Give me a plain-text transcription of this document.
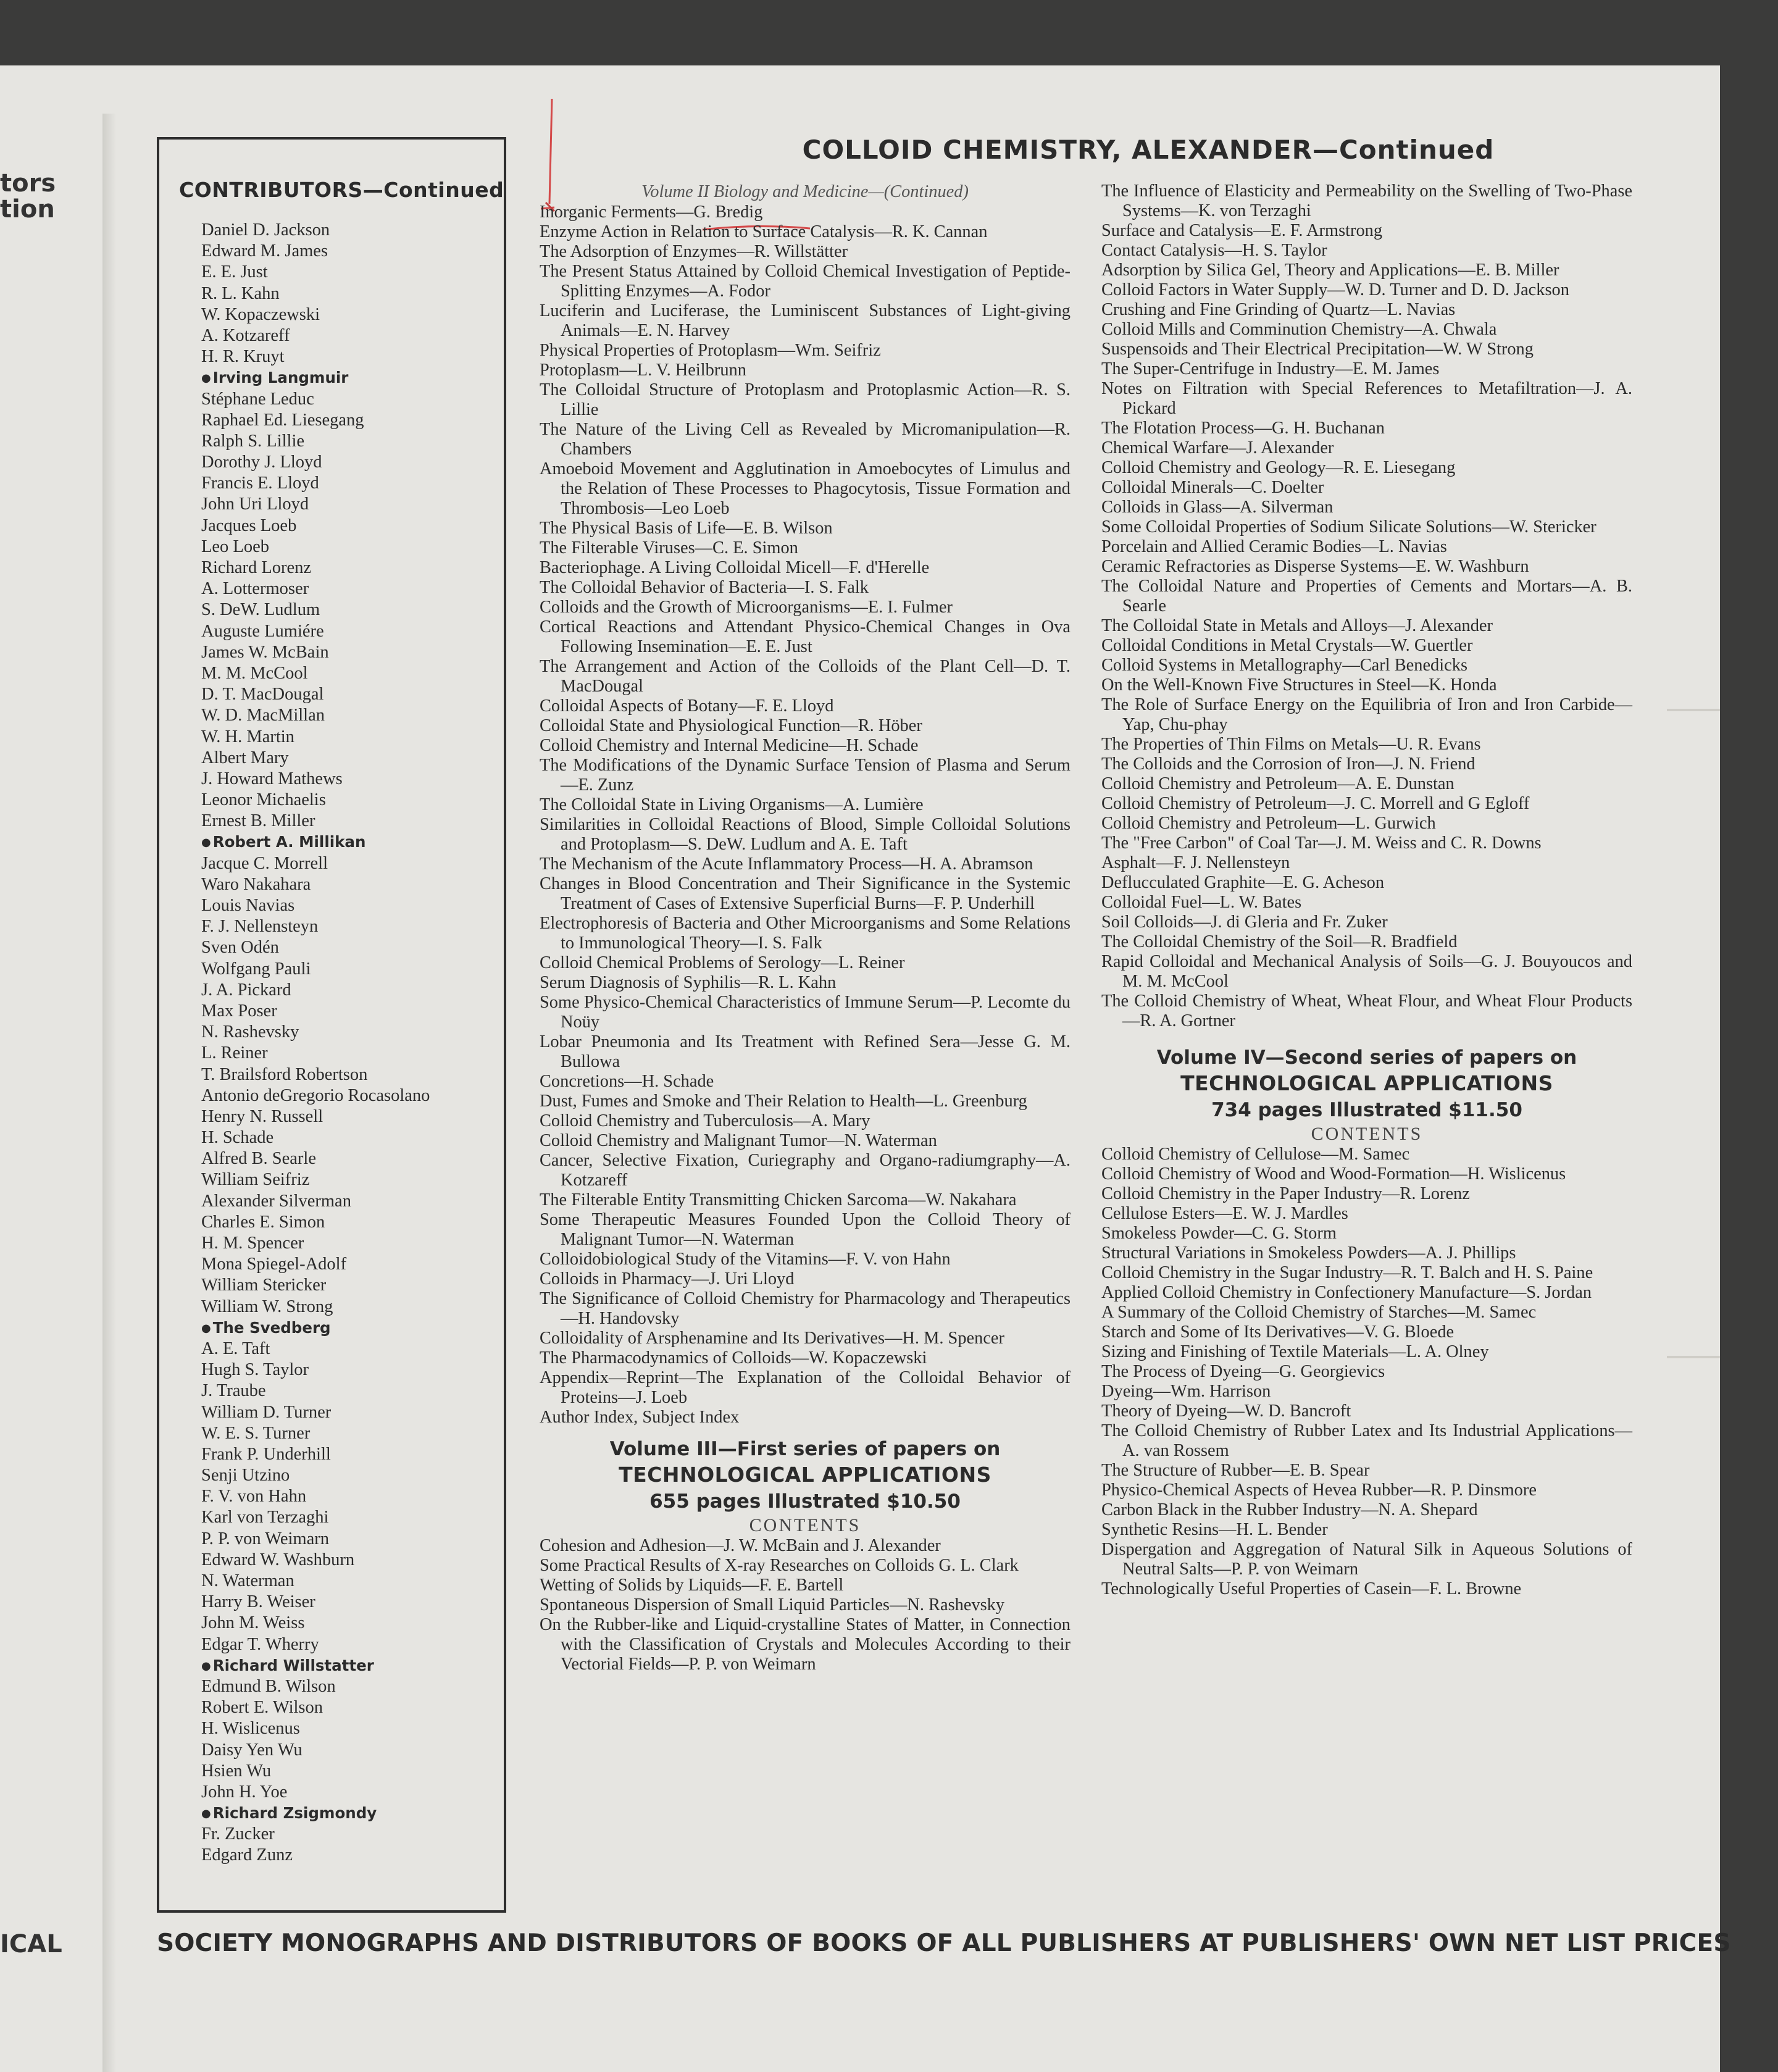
tors
tion
ICAL
CONTRIBUTORS—Continued
Daniel D. Jackson
Edward M. James
E. E. Just
R. L. Kahn
W. Kopaczewski
A. Kotzareff
H. R. Kruyt
● Irving Langmuir
Stéphane Leduc
Raphael Ed. Liesegang
Ralph S. Lillie
Dorothy J. Lloyd
Francis E. Lloyd
John Uri Lloyd
Jacques Loeb
Leo Loeb
Richard Lorenz
A. Lottermoser
S. DeW. Ludlum
Auguste Lumiére
James W. McBain
M. M. McCool
D. T. MacDougal
W. D. MacMillan
W. H. Martin
Albert Mary
J. Howard Mathews
Leonor Michaelis
Ernest B. Miller
● Robert A. Millikan
Jacque C. Morrell
Waro Nakahara
Louis Navias
F. J. Nellensteyn
Sven Odén
Wolfgang Pauli
J. A. Pickard
Max Poser
N. Rashevsky
L. Reiner
T. Brailsford Robertson
Antonio deGregorio Rocasolano
Henry N. Russell
H. Schade
Alfred B. Searle
William Seifriz
Alexander Silverman
Charles E. Simon
H. M. Spencer
Mona Spiegel-Adolf
William Stericker
William W. Strong
● The Svedberg
A. E. Taft
Hugh S. Taylor
J. Traube
William D. Turner
W. E. S. Turner
Frank P. Underhill
Senji Utzino
F. V. von Hahn
Karl von Terzaghi
P. P. von Weimarn
Edward W. Washburn
N. Waterman
Harry B. Weiser
John M. Weiss
Edgar T. Wherry
● Richard Willstatter
Edmund B. Wilson
Robert E. Wilson
H. Wislicenus
Daisy Yen Wu
Hsien Wu
John H. Yoe
● Richard Zsigmondy
Fr. Zucker
Edgard Zunz
COLLOID CHEMISTRY, ALEXANDER—Continued
Volume II Biology and Medicine—(Continued)

Inorganic Ferments—G. Bredig

Enzyme Action in Relation to Surface Catalysis—R. K. Cannan

The Adsorption of Enzymes—R. Willstätter

The Present Status Attained by Colloid Chemical Investigation of Peptide-Splitting Enzymes—A. Fodor

Luciferin and Luciferase, the Luminiscent Substances of Light-giving Animals—E. N. Harvey

Physical Properties of Protoplasm—Wm. Seifriz

Protoplasm—L. V. Heilbrunn

The Colloidal Structure of Protoplasm and Protoplasmic Action—R. S. Lillie

The Nature of the Living Cell as Revealed by Micromanipulation—R. Chambers

Amoeboid Movement and Agglutination in Amoebocytes of Limulus and the Relation of These Processes to Phagocytosis, Tissue Formation and Thrombosis—Leo Loeb

The Physical Basis of Life—E. B. Wilson

The Filterable Viruses—C. E. Simon

Bacteriophage. A Living Colloidal Micell—F. d'Herelle

The Colloidal Behavior of Bacteria—I. S. Falk

Colloids and the Growth of Microorganisms—E. I. Fulmer

Cortical Reactions and Attendant Physico-Chemical Changes in Ova Following Insemination—E. E. Just

The Arrangement and Action of the Colloids of the Plant Cell—D. T. MacDougal

Colloidal Aspects of Botany—F. E. Lloyd

Colloidal State and Physiological Function—R. Höber

Colloid Chemistry and Internal Medicine—H. Schade

The Modifications of the Dynamic Surface Tension of Plasma and Serum—E. Zunz

The Colloidal State in Living Organisms—A. Lumière

Similarities in Colloidal Reactions of Blood, Simple Colloidal Solutions and Protoplasm—S. DeW. Ludlum and A. E. Taft

The Mechanism of the Acute Inflammatory Process—H. A. Abramson

Changes in Blood Concentration and Their Significance in the Systemic Treatment of Cases of Extensive Superficial Burns—F. P. Underhill

Electrophoresis of Bacteria and Other Microorganisms and Some Relations to Immunological Theory—I. S. Falk

Colloid Chemical Problems of Serology—L. Reiner

Serum Diagnosis of Syphilis—R. L. Kahn

Some Physico-Chemical Characteristics of Immune Serum—P. Lecomte du Noüy

Lobar Pneumonia and Its Treatment with Refined Sera—Jesse G. M. Bullowa

Concretions—H. Schade

Dust, Fumes and Smoke and Their Relation to Health—L. Greenburg

Colloid Chemistry and Tuberculosis—A. Mary

Colloid Chemistry and Malignant Tumor—N. Waterman

Cancer, Selective Fixation, Curiegraphy and Organo-radiumgraphy—A. Kotzareff

The Filterable Entity Transmitting Chicken Sarcoma—W. Nakahara

Some Therapeutic Measures Founded Upon the Colloid Theory of Malignant Tumor—N. Waterman

Colloidobiological Study of the Vitamins—F. V. von Hahn

Colloids in Pharmacy—J. Uri Lloyd

The Significance of Colloid Chemistry for Pharmacology and Therapeutics—H. Handovsky

Colloidality of Arsphenamine and Its Derivatives—H. M. Spencer

The Pharmacodynamics of Colloids—W. Kopaczewski

Appendix—Reprint—The Explanation of the Colloidal Behavior of Proteins—J. Loeb

Author Index, Subject Index

Volume III—First series of papers on
TECHNOLOGICAL APPLICATIONS
655 pages Illustrated $10.50
CONTENTS

Cohesion and Adhesion—J. W. McBain and J. Alexander

Some Practical Results of X-ray Researches on Colloids G. L. Clark

Wetting of Solids by Liquids—F. E. Bartell

Spontaneous Dispersion of Small Liquid Particles—N. Rashevsky

On the Rubber-like and Liquid-crystalline States of Matter, in Connection with the Classification of Crystals and Molecules According to their Vectorial Fields—P. P. von Weimarn

The Influence of Elasticity and Permeability on the Swelling of Two-Phase Systems—K. von Terzaghi

Surface and Catalysis—E. F. Armstrong

Contact Catalysis—H. S. Taylor

Adsorption by Silica Gel, Theory and Applications—E. B. Miller

Colloid Factors in Water Supply—W. D. Turner and D. D. Jackson

Crushing and Fine Grinding of Quartz—L. Navias

Colloid Mills and Comminution Chemistry—A. Chwala

Suspensoids and Their Electrical Precipitation—W. W Strong

The Super-Centrifuge in Industry—E. M. James

Notes on Filtration with Special References to Metafiltration—J. A. Pickard

The Flotation Process—G. H. Buchanan

Chemical Warfare—J. Alexander

Colloid Chemistry and Geology—R. E. Liesegang

Colloidal Minerals—C. Doelter

Colloids in Glass—A. Silverman

Some Colloidal Properties of Sodium Silicate Solutions—W. Stericker

Porcelain and Allied Ceramic Bodies—L. Navias

Ceramic Refractories as Disperse Systems—E. W. Washburn

The Colloidal Nature and Properties of Cements and Mortars—A. B. Searle

The Colloidal State in Metals and Alloys—J. Alexander

Colloidal Conditions in Metal Crystals—W. Guertler

Colloid Systems in Metallography—Carl Benedicks

On the Well-Known Five Structures in Steel—K. Honda

The Role of Surface Energy on the Equilibria of Iron and Iron Carbide—Yap, Chu-phay

The Properties of Thin Films on Metals—U. R. Evans

The Colloids and the Corrosion of Iron—J. N. Friend

Colloid Chemistry and Petroleum—A. E. Dunstan

Colloid Chemistry of Petroleum—J. C. Morrell and G Egloff

Colloid Chemistry and Petroleum—L. Gurwich

The "Free Carbon" of Coal Tar—J. M. Weiss and C. R. Downs

Asphalt—F. J. Nellensteyn

Deflucculated Graphite—E. G. Acheson

Colloidal Fuel—L. W. Bates

Soil Colloids—J. di Gleria and Fr. Zuker

The Colloidal Chemistry of the Soil—R. Bradfield

Rapid Colloidal and Mechanical Analysis of Soils—G. J. Bouyoucos and M. M. McCool

The Colloid Chemistry of Wheat, Wheat Flour, and Wheat Flour Products—R. A. Gortner

Volume IV—Second series of papers on
TECHNOLOGICAL APPLICATIONS
734 pages Illustrated $11.50
CONTENTS

Colloid Chemistry of Cellulose—M. Samec

Colloid Chemistry of Wood and Wood-Formation—H. Wislicenus

Colloid Chemistry in the Paper Industry—R. Lorenz

Cellulose Esters—E. W. J. Mardles

Smokeless Powder—C. G. Storm

Structural Variations in Smokeless Powders—A. J. Phillips

Colloid Chemistry in the Sugar Industry—R. T. Balch and H. S. Paine

Applied Colloid Chemistry in Confectionery Manufacture—S. Jordan

A Summary of the Colloid Chemistry of Starches—M. Samec

Starch and Some of Its Derivatives—V. G. Bloede

Sizing and Finishing of Textile Materials—L. A. Olney

The Process of Dyeing—G. Georgievics

Dyeing—Wm. Harrison

Theory of Dyeing—W. D. Bancroft

The Colloid Chemistry of Rubber Latex and Its Industrial Applications—A. van Rossem

The Structure of Rubber—E. B. Spear

Physico-Chemical Aspects of Hevea Rubber—R. P. Dinsmore

Carbon Black in the Rubber Industry—N. A. Shepard

Synthetic Resins—H. L. Bender

Dispergation and Aggregation of Natural Silk in Aqueous Solutions of Neutral Salts—P. P. von Weimarn

Technologically Useful Properties of Casein—F. L. Browne

SOCIETY MONOGRAPHS AND DISTRIBUTORS OF BOOKS OF ALL PUBLISHERS AT PUBLISHERS' OWN NET LIST PRICES
